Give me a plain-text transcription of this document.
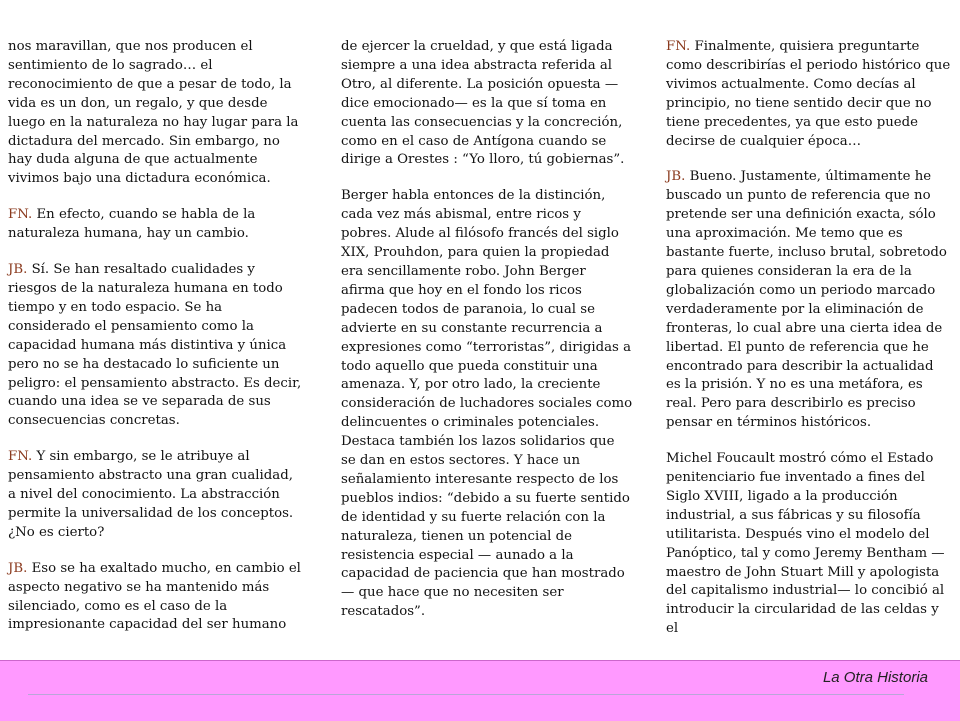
nos maravillan, que nos producen el sentimiento de lo sagrado… el reconocimiento de que a pesar de todo, la vida es un don, un regalo, y que desde luego en la naturaleza no hay lugar para la dictadura del mercado. Sin embargo, no hay duda alguna de que actualmente vivimos bajo una dictadura económica.

FN. En efecto, cuando se habla de la naturaleza humana, hay un cambio.

JB. Sí. Se han resaltado cualidades y riesgos de la naturaleza humana en todo tiempo y en todo espacio. Se ha considerado el pensamiento como la capacidad humana más distintiva y única pero no se ha destacado lo suficiente un peligro: el pensamiento abstracto. Es decir, cuando una idea se ve separada de sus consecuencias concretas.

FN. Y sin embargo, se le atribuye al pensamiento abstracto una gran cualidad, a nivel del conocimiento. La abstracción permite la universalidad de los conceptos. ¿No es cierto?

JB. Eso se ha exaltado mucho, en cambio el aspecto negativo se ha mantenido más silenciado, como es el caso de la impresionante capacidad del ser humano

de ejercer la crueldad, y que está ligada siempre a una idea abstracta referida al Otro, al diferente. La posición opuesta — dice emocionado— es la que sí toma en cuenta las consecuencias y la concreción, como en el caso de Antígona cuando se dirige a Orestes : “Yo lloro, tú gobiernas”.

Berger habla entonces de la distinción, cada vez más abismal, entre ricos y pobres. Alude al filósofo francés del siglo XIX, Prouhdon, para quien la propiedad era sencillamente robo. John Berger afirma que hoy en el fondo los ricos padecen todos de paranoia, lo cual se advierte en su constante recurrencia a expresiones como “terroristas”, dirigidas a todo aquello que pueda constituir una amenaza. Y, por otro lado, la creciente consideración de luchadores sociales como delincuentes o criminales potenciales. Destaca también los lazos solidarios que se dan en estos sectores. Y hace un señalamiento interesante respecto de los pueblos indios: “debido a su fuerte sentido de identidad y su fuerte relación con la naturaleza, tienen un potencial de resistencia especial — aunado a la capacidad de paciencia que han mostrado— que hace que no necesiten ser rescatados”.

FN. Finalmente, quisiera preguntarte como describirías el periodo histórico que vivimos actualmente. Como decías al principio, no tiene sentido decir que no tiene precedentes, ya que esto puede decirse de cualquier época…

JB. Bueno. Justamente, últimamente he buscado un punto de referencia que no pretende ser una definición exacta, sólo una aproximación. Me temo que es bastante fuerte, incluso brutal, sobretodo para quienes consideran la era de la globalización como un periodo marcado verdaderamente por la eliminación de fronteras, lo cual abre una cierta idea de libertad. El punto de referencia que he encontrado para describir la actualidad es la prisión. Y no es una metáfora, es real. Pero para describirlo es preciso pensar en términos históricos.

Michel Foucault mostró cómo el Estado penitenciario fue inventado a fines del Siglo XVIII, ligado a la producción industrial, a sus fábricas y su filosofía utilitarista. Después vino el modelo del Panóptico, tal y como Jeremy Bentham — maestro de John Stuart Mill y apologista del capitalismo industrial— lo concibió al introducir la circularidad de las celdas y el

La Otra Historia
